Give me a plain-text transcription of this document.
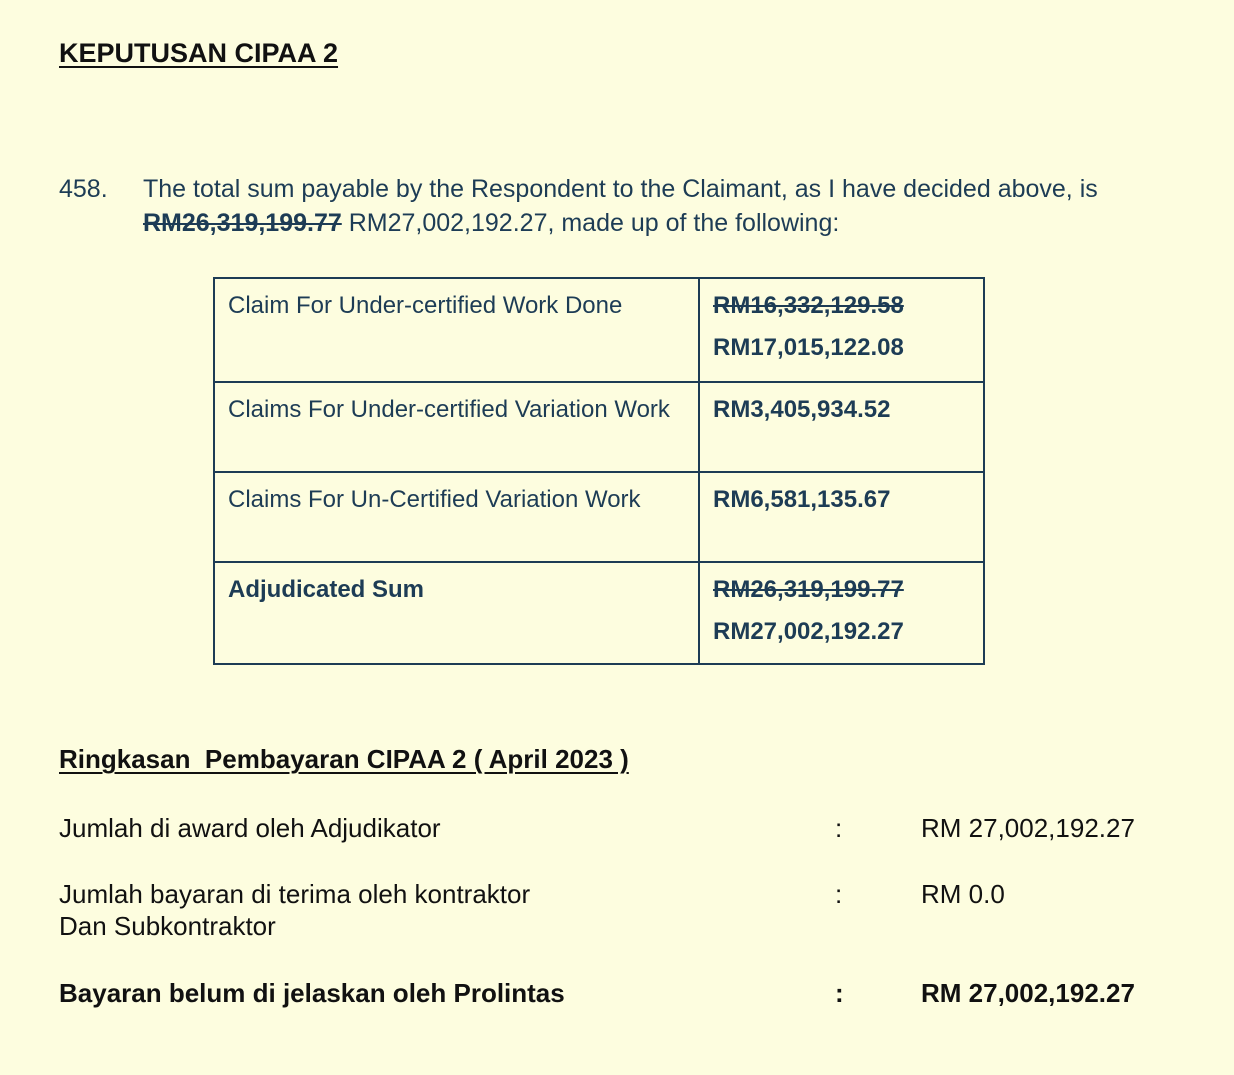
KEPUTUSAN CIPAA 2
458. The total sum payable by the Respondent to the Claimant, as I have decided above, is RM26,319,199.77 RM27,002,192.27, made up of the following:
Claim For Under-certified Work Done	RM16,332,129.58
RM17,015,122.08

Claims For Under-certified Variation Work	RM3,405,934.52
Claims For Un-Certified Variation Work	RM6,581,135.67
Adjudicated Sum	RM26,319,199.77
RM27,002,192.27
Ringkasan  Pembayaran CIPAA 2 ( April 2023 )
Jumlah di award oleh Adjudikator	:	RM 27,002,192.27
Jumlah bayaran di terima oleh kontraktor
Dan Subkontraktor
:	RM 0.0
Bayaran belum di jelaskan oleh Prolintas	:	RM 27,002,192.27
